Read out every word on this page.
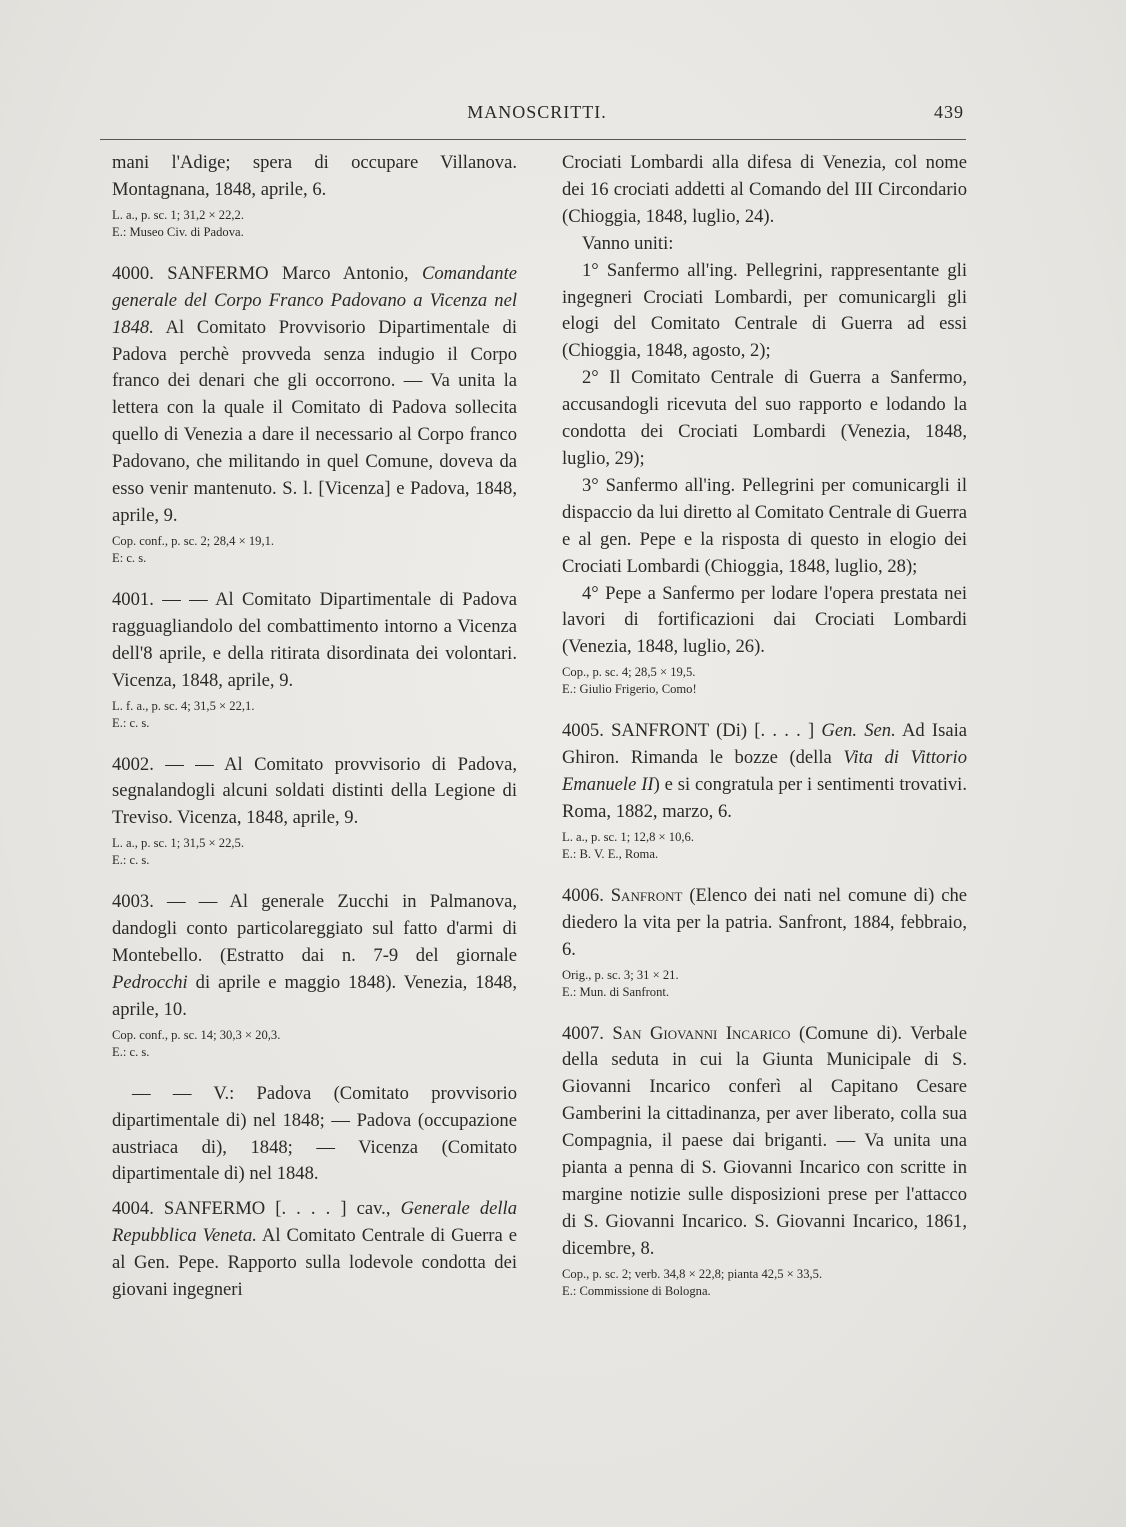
MANOSCRITTI.	439

mani l'Adige; spera di occupare Villanova. Montagnana, 1848, aprile, 6.

L. a., p. sc. 1; 31,2 × 22,2.

E.: Museo Civ. di Padova.

4000. SANFERMO Marco Antonio, Comandante generale del Corpo Franco Padovano a Vicenza nel 1848. Al Comitato Provvisorio Dipartimentale di Padova perchè provveda senza indugio il Corpo franco dei denari che gli occorrono. — Va unita la lettera con la quale il Comitato di Padova sollecita quello di Venezia a dare il necessario al Corpo franco Padovano, che militando in quel Comune, doveva da esso venir mantenuto. S. l. [Vicenza] e Padova, 1848, aprile, 9.

Cop. conf., p. sc. 2; 28,4 × 19,1.

E: c. s.

4001. — — Al Comitato Dipartimentale di Padova ragguagliandolo del combattimento intorno a Vicenza dell'8 aprile, e della ritirata disordinata dei volontari. Vicenza, 1848, aprile, 9.

L. f. a., p. sc. 4; 31,5 × 22,1.

E.: c. s.

4002. — — Al Comitato provvisorio di Padova, segnalandogli alcuni soldati distinti della Legione di Treviso. Vicenza, 1848, aprile, 9.

L. a., p. sc. 1; 31,5 × 22,5.

E.: c. s.

4003. — — Al generale Zucchi in Palmanova, dandogli conto particolareggiato sul fatto d'armi di Montebello. (Estratto dai n. 7-9 del giornale Pedrocchi di aprile e maggio 1848). Venezia, 1848, aprile, 10.

Cop. conf., p. sc. 14; 30,3 × 20,3.

E.: c. s.

— — V.: Padova (Comitato provvisorio dipartimentale di) nel 1848; — Padova (occupazione austriaca di), 1848; — Vicenza (Comitato dipartimentale di) nel 1848.

4004. SANFERMO [. . . . ] cav., Generale della Repubblica Veneta. Al Comitato Centrale di Guerra e al Gen. Pepe. Rapporto sulla lodevole condotta dei giovani ingegneri

Crociati Lombardi alla difesa di Venezia, col nome dei 16 crociati addetti al Comando del III Circondario (Chioggia, 1848, luglio, 24).

Vanno uniti:

1° Sanfermo all'ing. Pellegrini, rappresentante gli ingegneri Crociati Lombardi, per comunicargli gli elogi del Comitato Centrale di Guerra ad essi (Chioggia, 1848, agosto, 2);

2° Il Comitato Centrale di Guerra a Sanfermo, accusandogli ricevuta del suo rapporto e lodando la condotta dei Crociati Lombardi (Venezia, 1848, luglio, 29);

3° Sanfermo all'ing. Pellegrini per comunicargli il dispaccio da lui diretto al Comitato Centrale di Guerra e al gen. Pepe e la risposta di questo in elogio dei Crociati Lombardi (Chioggia, 1848, luglio, 28);

4° Pepe a Sanfermo per lodare l'opera prestata nei lavori di fortificazioni dai Crociati Lombardi (Venezia, 1848, luglio, 26).

Cop., p. sc. 4; 28,5 × 19,5.

E.: Giulio Frigerio, Como!

4005. SANFRONT (Di) [. . . . ] Gen. Sen. Ad Isaia Ghiron. Rimanda le bozze (della Vita di Vittorio Emanuele II) e si congratula per i sentimenti trovativi. Roma, 1882, marzo, 6.

L. a., p. sc. 1; 12,8 × 10,6.

E.: B. V. E., Roma.

4006. Sanfront (Elenco dei nati nel comune di) che diedero la vita per la patria. Sanfront, 1884, febbraio, 6.

Orig., p. sc. 3; 31 × 21.

E.: Mun. di Sanfront.

4007. San Giovanni Incarico (Comune di). Verbale della seduta in cui la Giunta Municipale di S. Giovanni Incarico conferì al Capitano Cesare Gamberini la cittadinanza, per aver liberato, colla sua Compagnia, il paese dai briganti. — Va unita una pianta a penna di S. Giovanni Incarico con scritte in margine notizie sulle disposizioni prese per l'attacco di S. Giovanni Incarico. S. Giovanni Incarico, 1861, dicembre, 8.

Cop., p. sc. 2; verb. 34,8 × 22,8; pianta 42,5 × 33,5.

E.: Commissione di Bologna.
